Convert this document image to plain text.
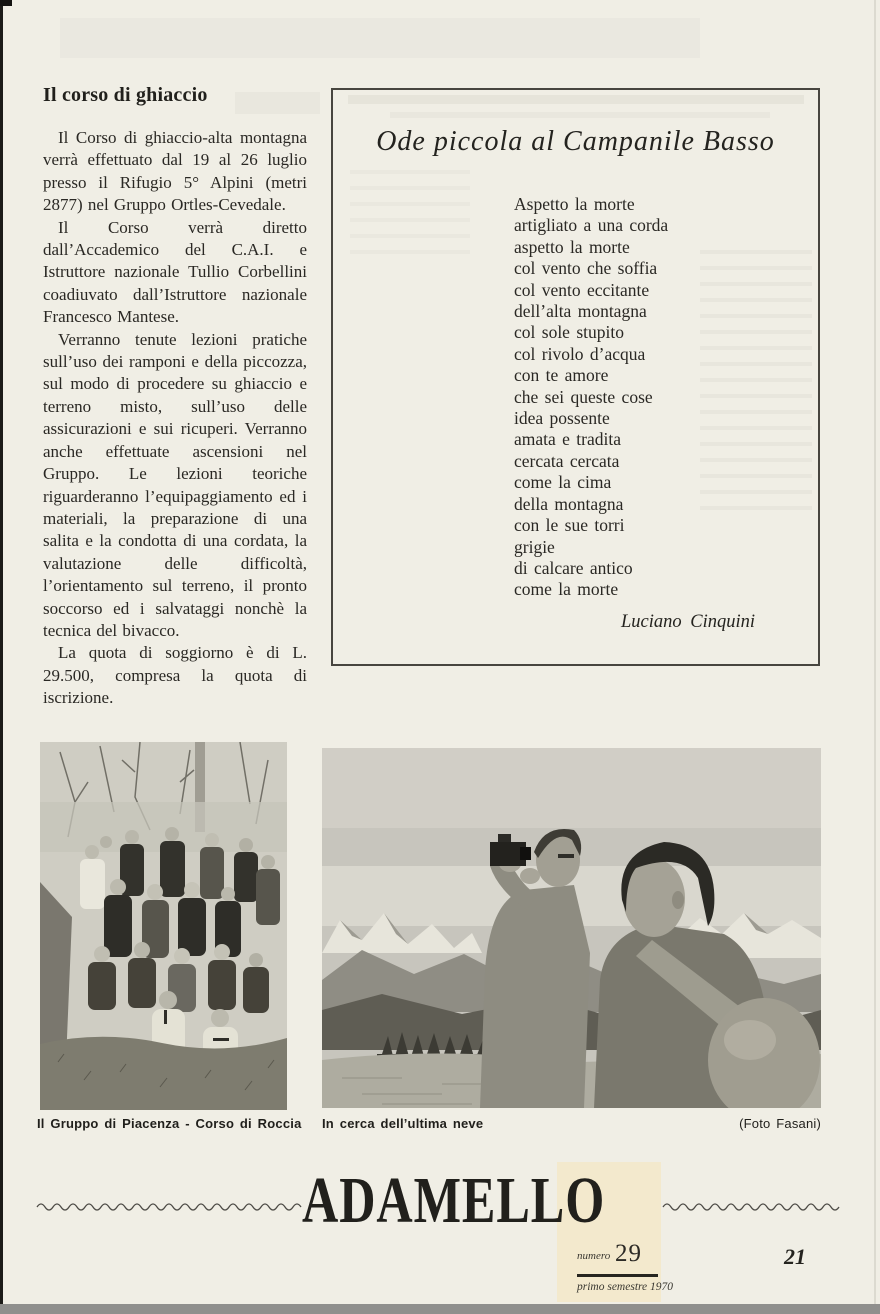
Il corso di ghiaccio

Il Corso di ghiaccio-alta montagna verrà effettuato dal 19 al 26 luglio presso il Rifugio 5° Alpini (metri 2877) nel Gruppo Ortles-Cevedale.

Il Corso verrà diretto dall’Accademico del C.A.I. e Istruttore nazionale Tullio Corbellini coadiuvato dall’Istruttore nazionale Francesco Mantese.

Verranno tenute lezioni pratiche sull’uso dei ramponi e della piccozza, sul modo di procedere su ghiaccio e terreno misto, sull’uso delle assicurazioni e sui ricuperi. Verranno anche effettuate ascensioni nel Gruppo. Le lezioni teoriche riguarderanno l’equipaggiamento ed i materiali, la preparazione di una salita e la condotta di una cordata, la valutazione delle difficoltà, l’orientamento sul terreno, il pronto soccorso ed i salvataggi nonchè la tecnica del bivacco.

La quota di soggiorno è di L. 29.500, compresa la quota di iscrizione.

Ode piccola al Campanile Basso
Aspetto la morte
artigliato a una corda
aspetto la morte
col vento che soffia
col vento eccitante
dell’alta montagna
col sole stupito
col rivolo d’acqua
con te amore
che sei queste cose
idea possente
amata e tradita
cercata cercata
come la cima
della montagna
con le sue torri
grigie
di calcare antico
come la morte
Luciano Cinquini
Il Gruppo di Piacenza - Corso di Roccia	In cerca dell’ultima neve	(Foto Fasani)
ADAMELLO
numero 29
primo semestre 1970
21
